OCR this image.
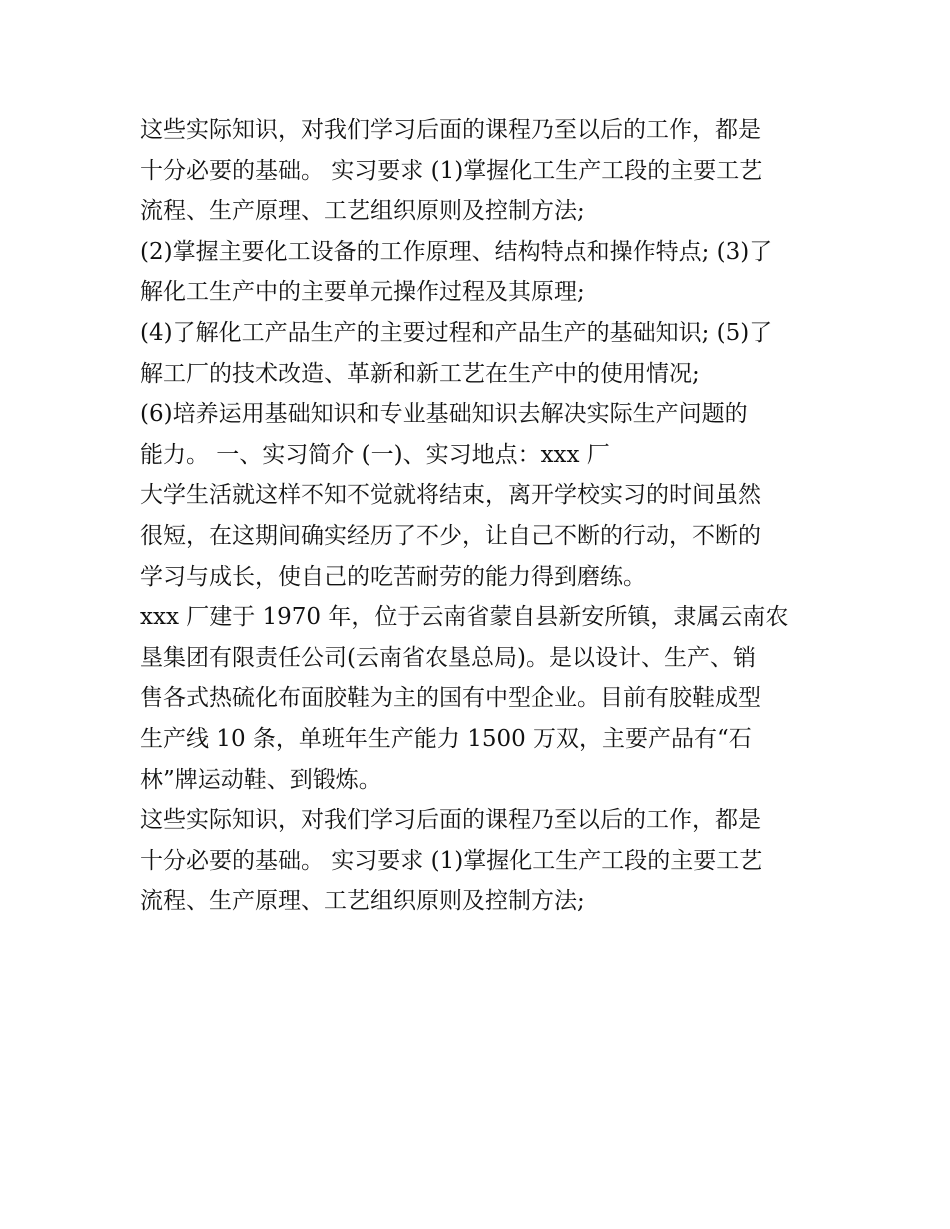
这些实际知识，对我们学习后面的课程乃至以后的工作，都是
十分必要的基础。 实习要求 (1)掌握化工生产工段的主要工艺
流程、生产原理、工艺组织原则及控制方法;
(2)掌握主要化工设备的工作原理、结构特点和操作特点; (3)了
解化工生产中的主要单元操作过程及其原理;
(4)了解化工产品生产的主要过程和产品生产的基础知识; (5)了
解工厂的技术改造、革新和新工艺在生产中的使用情况;
(6)培养运用基础知识和专业基础知识去解决实际生产问题的
能力。 一、实习简介 (一)、实习地点：xxx 厂
大学生活就这样不知不觉就将结束，离开学校实习的时间虽然
很短，在这期间确实经历了不少，让自己不断的行动，不断的
学习与成长，使自己的吃苦耐劳的能力得到磨练。
xxx 厂建于 1970 年，位于云南省蒙自县新安所镇，隶属云南农
垦集团有限责任公司(云南省农垦总局)。是以设计、生产、销
售各式热硫化布面胶鞋为主的国有中型企业。目前有胶鞋成型
生产线 10 条，单班年生产能力 1500 万双，主要产品有“石
林”牌运动鞋、到锻炼。
这些实际知识，对我们学习后面的课程乃至以后的工作，都是
十分必要的基础。 实习要求 (1)掌握化工生产工段的主要工艺
流程、生产原理、工艺组织原则及控制方法;
